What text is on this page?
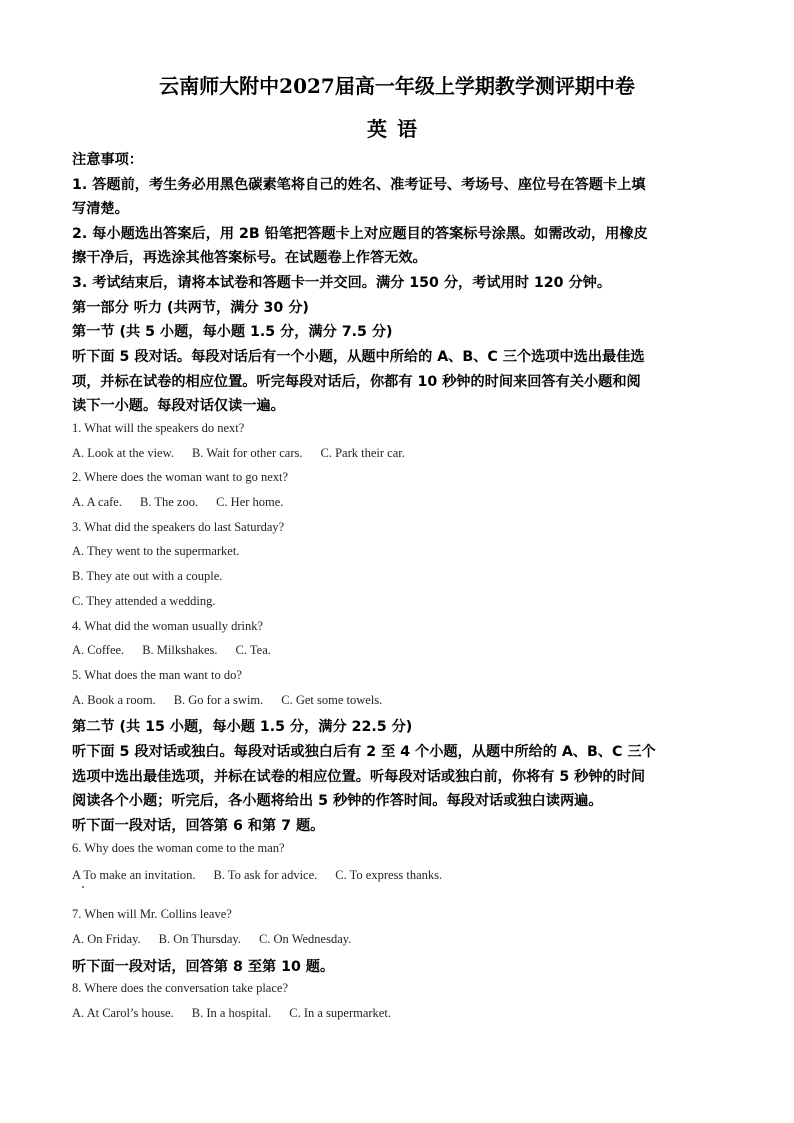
云南师大附中2027届高一年级上学期教学测评期中卷
英语
注意事项：
1. 答题前，考生务必用黑色碳素笔将自己的姓名、准考证号、考场号、座位号在答题卡上填
写清楚。
2. 每小题选出答案后，用 2B 铅笔把答题卡上对应题目的答案标号涂黑。如需改动，用橡皮
擦干净后，再选涂其他答案标号。在试题卷上作答无效。
3. 考试结束后，请将本试卷和答题卡一并交回。满分 150 分，考试用时 120 分钟。
第一部分 听力 (共两节，满分 30 分)
第一节 (共 5 小题，每小题 1.5 分，满分 7.5 分)
听下面 5 段对话。每段对话后有一个小题，从题中所给的 A、B、C 三个选项中选出最佳选
项，并标在试卷的相应位置。听完每段对话后，你都有 10 秒钟的时间来回答有关小题和阅
读下一小题。每段对话仅读一遍。
1. What will the speakers do next?
A. Look at the view. B. Wait for other cars. C. Park their car.
2. Where does the woman want to go next?
A. A cafe. B. The zoo. C. Her home.
3. What did the speakers do last Saturday?
A. They went to the supermarket.
B. They ate out with a couple.
C. They attended a wedding.
4. What did the woman usually drink?
A. Coffee. B. Milkshakes. C. Tea.
5. What does the man want to do?
A. Book a room. B. Go for a swim. C. Get some towels.
第二节 (共 15 小题，每小题 1.5 分，满分 22.5 分)
听下面 5 段对话或独白。每段对话或独白后有 2 至 4 个小题，从题中所给的 A、B、C 三个
选项中选出最佳选项，并标在试卷的相应位置。听每段对话或独白前，你将有 5 秒钟的时间
阅读各个小题；听完后，各小题将给出 5 秒钟的作答时间。每段对话或独白读两遍。
听下面一段对话，回答第 6 和第 7 题。
6. Why does the woman come to the man?
A To make an invitation. B. To ask for advice. C. To express thanks.
7. When will Mr. Collins leave?
A. On Friday. B. On Thursday. C. On Wednesday.
听下面一段对话，回答第 8 至第 10 题。
8. Where does the conversation take place?
A. At Carol’s house. B. In a hospital. C. In a supermarket.
